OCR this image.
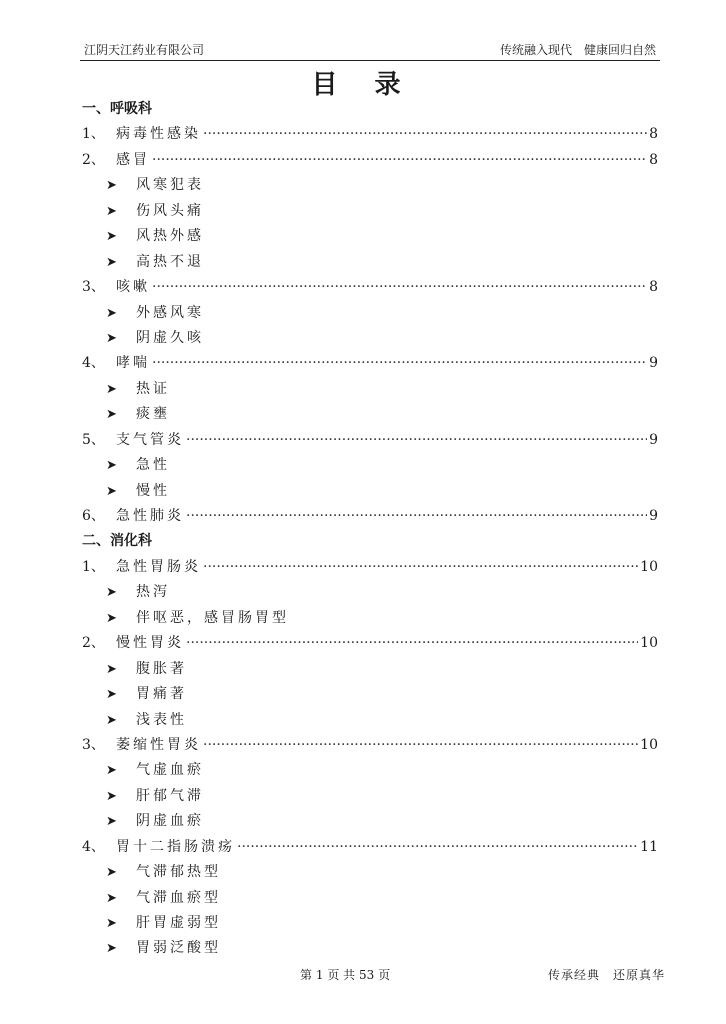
江阴天江药业有限公司	传统融入现代　健康回归自然
目 录
一、呼吸科
1、 病毒性感染 ·····	8
2、 感冒 ·····	8
➤	风寒犯表
➤	伤风头痛
➤	风热外感
➤	高热不退
3、 咳嗽 ·····	8
➤	外感风寒
➤	阴虚久咳
4、 哮喘 ·····	9
➤	热证
➤	痰壅
5、 支气管炎 ·····	9
➤	急性
➤	慢性
6、 急性肺炎 ·····	9
二、消化科
1、 急性胃肠炎 ·····	10
➤	热泻
➤	伴呕恶，感冒肠胃型
2、 慢性胃炎 ·····	10
➤	腹胀著
➤	胃痛著
➤	浅表性
3、 萎缩性胃炎 ·····	10
➤	气虚血瘀
➤	肝郁气滞
➤	阴虚血瘀
4、 胃十二指肠溃疡 ·····	11
➤	气滞郁热型
➤	气滞血瘀型
➤	肝胃虚弱型
➤	胃弱泛酸型
第 1 页 共 53 页	传承经典　还原真华
